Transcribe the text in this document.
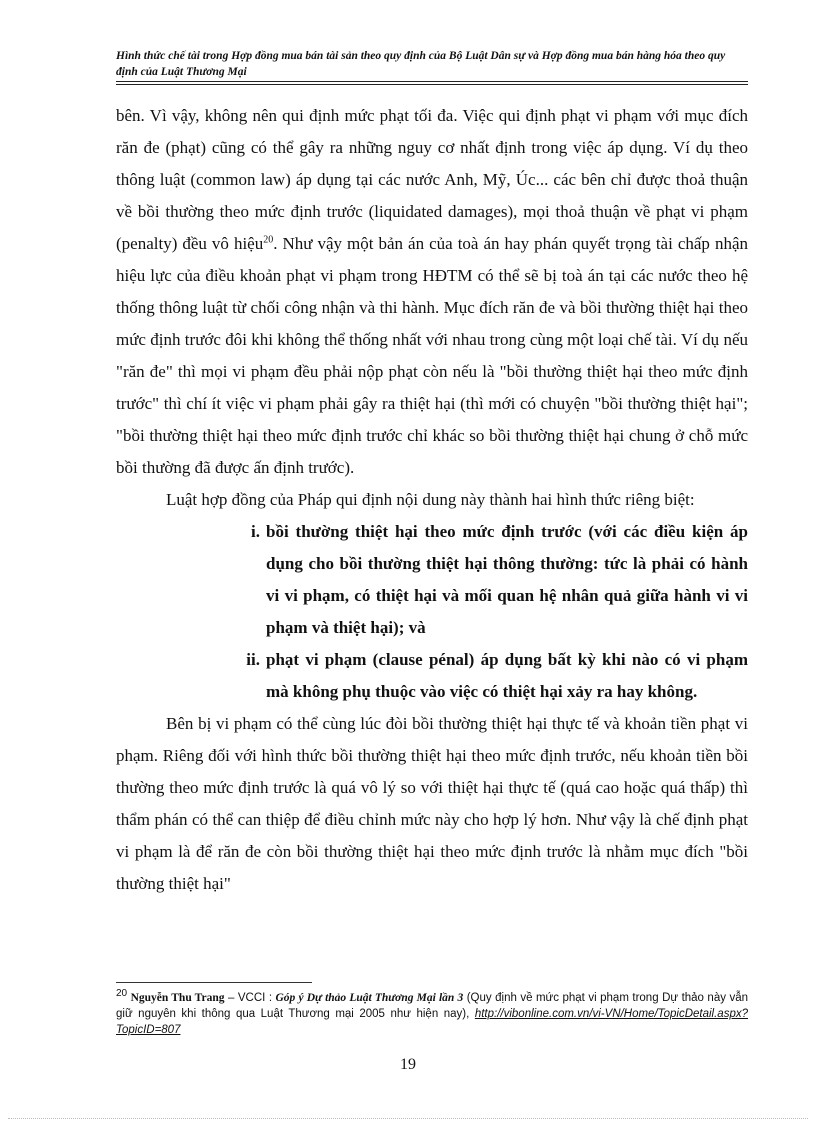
Hình thức chế tài trong Hợp đồng mua bán tài sản theo quy định của Bộ Luật Dân sự và Hợp đồng mua bán hàng hóa theo quy định của Luật Thương Mại

bên. Vì vậy, không nên qui định mức phạt tối đa. Việc qui định phạt vi phạm với mục đích răn đe (phạt) cũng có thể gây ra những nguy cơ nhất định trong việc áp dụng. Ví dụ theo thông luật (common law) áp dụng tại các nước Anh, Mỹ, Úc... các bên chỉ được thoả thuận về bồi thường theo mức định trước (liquidated damages), mọi thoả thuận về phạt vi phạm (penalty) đều vô hiệu$^{20}$. Như vậy một bản án của toà án hay phán quyết trọng tài chấp nhận hiệu lực của điều khoản phạt vi phạm trong HĐTM có thể sẽ bị toà án tại các nước theo hệ thống thông luật từ chối công nhận và thi hành. Mục đích răn đe và bồi thường thiệt hại theo mức định trước đôi khi không thể thống nhất với nhau trong cùng một loại chế tài. Ví dụ nếu "răn đe" thì mọi vi phạm đều phải nộp phạt còn nếu là "bồi thường thiệt hại theo mức định trước" thì chí ít việc vi phạm phải gây ra thiệt hại (thì mới có chuyện "bồi thường thiệt hại"; "bồi thường thiệt hại theo mức định trước chỉ khác so bồi thường thiệt hại chung ở chỗ mức bồi thường đã được ấn định trước).

Luật hợp đồng của Pháp qui định nội dung này thành hai hình thức riêng biệt:

i. bồi thường thiệt hại theo mức định trước (với các điều kiện áp dụng cho bồi thường thiệt hại thông thường: tức là phải có hành vi vi phạm, có thiệt hại và mối quan hệ nhân quả giữa hành vi vi phạm và thiệt hại); và
ii. phạt vi phạm (clause pénal) áp dụng bất kỳ khi nào có vi phạm mà không phụ thuộc vào việc có thiệt hại xảy ra hay không.

Bên bị vi phạm có thể cùng lúc đòi bồi thường thiệt hại thực tế và khoản tiền phạt vi phạm. Riêng đối với hình thức bồi thường thiệt hại theo mức định trước, nếu khoản tiền bồi thường theo mức định trước là quá vô lý so với thiệt hại thực tế (quá cao hoặc quá thấp) thì thẩm phán có thể can thiệp để điều chỉnh mức này cho hợp lý hơn. Như vậy là chế định phạt vi phạm là để răn đe còn bồi thường thiệt hại theo mức định trước là nhằm mục đích "bồi thường thiệt hại"

$^{20}$ Nguyễn Thu Trang – VCCI : Góp ý Dự thảo Luật Thương Mại lần 3 (Quy định về mức phạt vi phạm trong Dự thảo này vẫn giữ nguyên khi thông qua Luật Thương mại 2005 như hiện nay), http://vibonline.com.vn/vi-VN/Home/TopicDetail.aspx?TopicID=807
19
